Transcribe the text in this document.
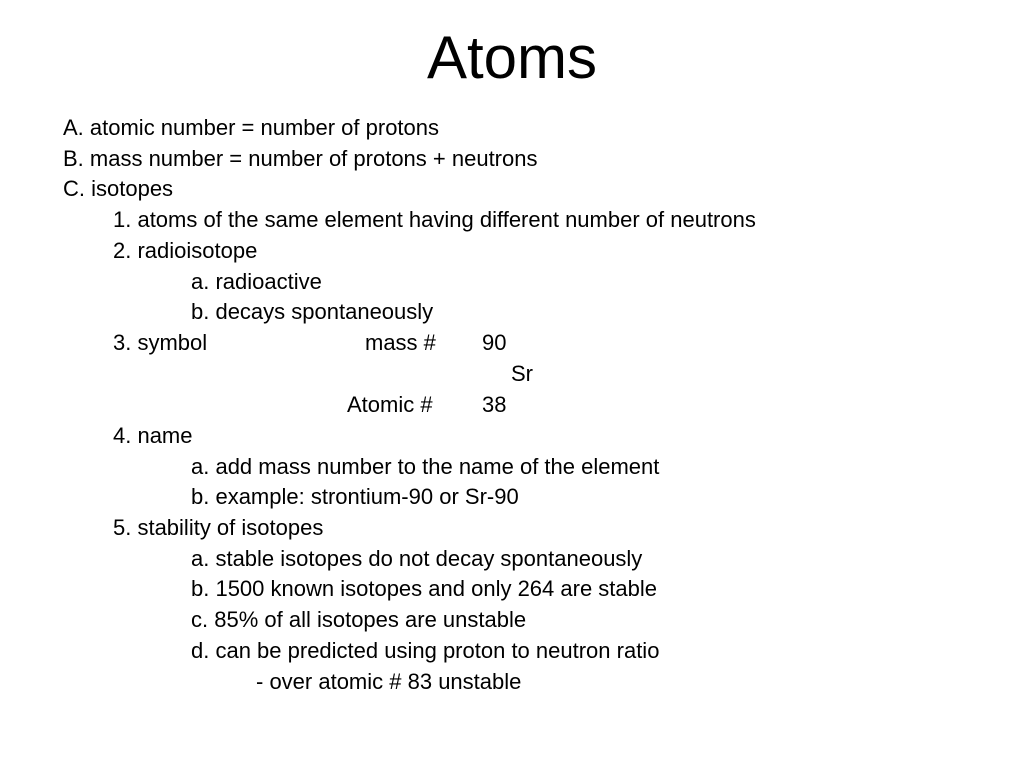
Atoms
A. atomic number = number of protons
B. mass number = number of protons + neutrons
C. isotopes
1. atoms of the same element having different number of neutrons
2. radioisotope
a. radioactive
b. decays spontaneously
3. symbol	mass # 90
Sr
Atomic # 38
4. name
a. add mass number to the name of the element
b. example: strontium-90 or Sr-90
5. stability of isotopes
a. stable isotopes do not decay spontaneously
b. 1500 known isotopes and only 264 are stable
c. 85% of all isotopes are unstable
d. can be predicted using proton to neutron ratio
- over atomic # 83 unstable
